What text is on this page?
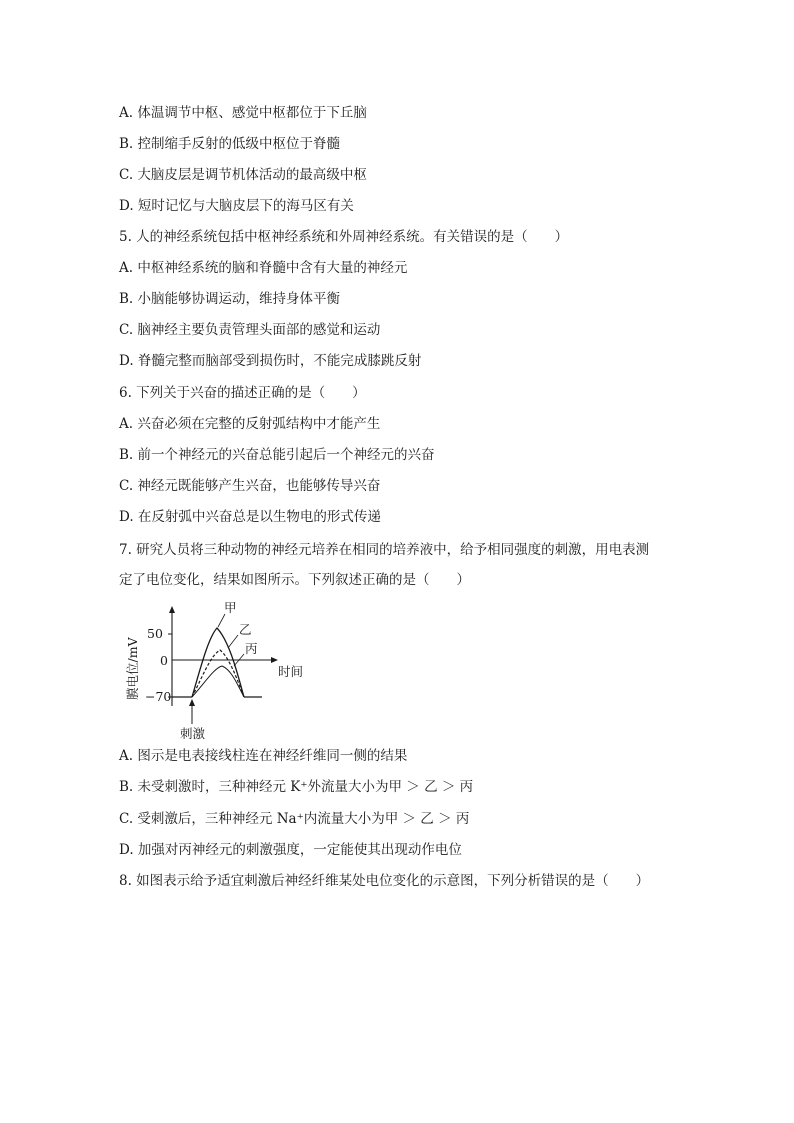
A. 体温调节中枢、感觉中枢都位于下丘脑
B. 控制缩手反射的低级中枢位于脊髓
C. 大脑皮层是调节机体活动的最高级中枢
D. 短时记忆与大脑皮层下的海马区有关
5. 人的神经系统包括中枢神经系统和外周神经系统。有关错误的是（　　）
A. 中枢神经系统的脑和脊髓中含有大量的神经元
B. 小脑能够协调运动，维持身体平衡
C. 脑神经主要负责管理头面部的感觉和运动
D. 脊髓完整而脑部受到损伤时，不能完成膝跳反射
6. 下列关于兴奋的描述正确的是（　　）
A. 兴奋必须在完整的反射弧结构中才能产生
B. 前一个神经元的兴奋总能引起后一个神经元的兴奋
C. 神经元既能够产生兴奋，也能够传导兴奋
D. 在反射弧中兴奋总是以生物电的形式传递
7. 研究人员将三种动物的神经元培养在相同的培养液中，给予相同强度的刺激，用电表测
定了电位变化，结果如图所示。下列叙述正确的是（　　）
A. 图示是电表接线柱连在神经纤维同一侧的结果
B. 未受刺激时，三种神经元 K⁺外流量大小为甲 ＞ 乙 ＞ 丙
C. 受刺激后，三种神经元 Na⁺内流量大小为甲 ＞ 乙 ＞ 丙
D. 加强对丙神经元的刺激强度，一定能使其出现动作电位
8. 如图表示给予适宜刺激后神经纤维某处电位变化的示意图，下列分析错误的是（　　）
50
0
−70
膜电位/mV	时间
甲
乙
丙
刺激
